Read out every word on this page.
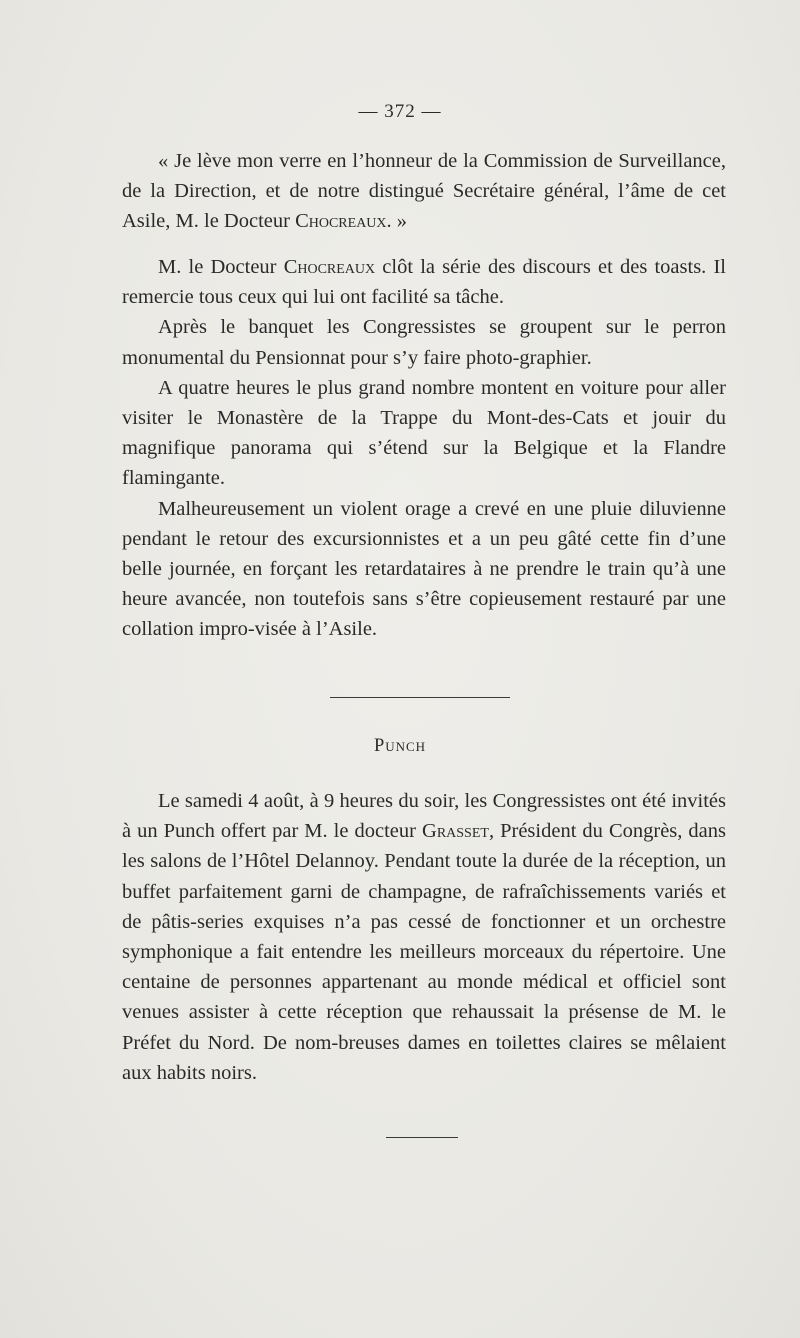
— 372 —

« Je lève mon verre en l’honneur de la Commission de Surveillance, de la Direction, et de notre distingué Secrétaire général, l’âme de cet Asile, M. le Docteur Chocreaux. »

M. le Docteur Chocreaux clôt la série des discours et des toasts. Il remercie tous ceux qui lui ont facilité sa tâche.

Après le banquet les Congressistes se groupent sur le perron monumental du Pensionnat pour s’y faire photo-graphier.

A quatre heures le plus grand nombre montent en voiture pour aller visiter le Monastère de la Trappe du Mont-des-Cats et jouir du magnifique panorama qui s’étend sur la Belgique et la Flandre flamingante.

Malheureusement un violent orage a crevé en une pluie diluvienne pendant le retour des excursionnistes et a un peu gâté cette fin d’une belle journée, en forçant les retardataires à ne prendre le train qu’à une heure avancée, non toutefois sans s’être copieusement restauré par une collation impro-visée à l’Asile.

Punch

Le samedi 4 août, à 9 heures du soir, les Congressistes ont été invités à un Punch offert par M. le docteur Grasset, Président du Congrès, dans les salons de l’Hôtel Delannoy. Pendant toute la durée de la réception, un buffet parfaitement garni de champagne, de rafraîchissements variés et de pâtis-series exquises n’a pas cessé de fonctionner et un orchestre symphonique a fait entendre les meilleurs morceaux du répertoire. Une centaine de personnes appartenant au monde médical et officiel sont venues assister à cette réception que rehaussait la présense de M. le Préfet du Nord. De nom-breuses dames en toilettes claires se mêlaient aux habits noirs.
